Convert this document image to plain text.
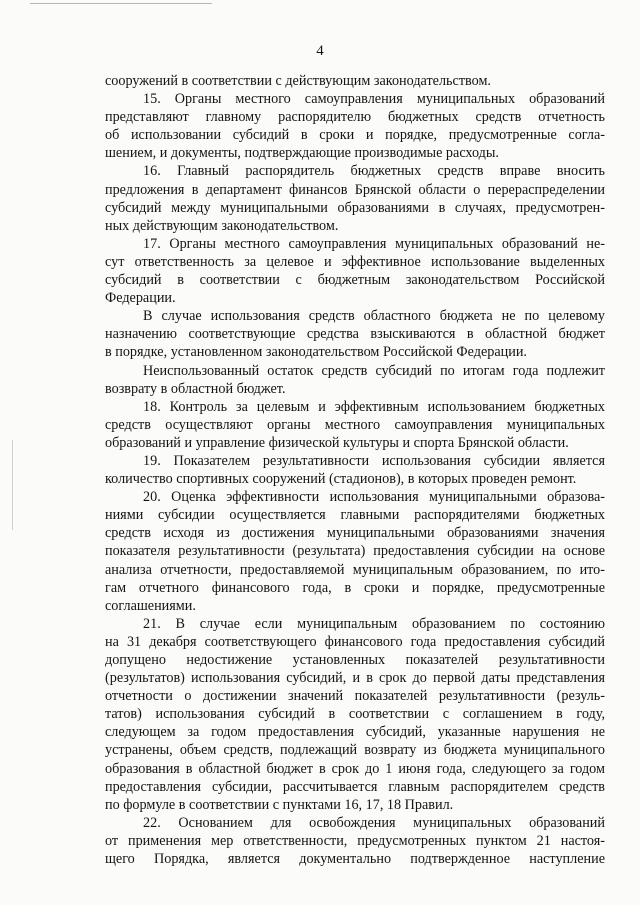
4
сооружений в соответствии с действующим законодательством.
15. Органы местного самоуправления муниципальных образований
представляют главному распорядителю бюджетных средств отчетность
об использовании субсидий в сроки и порядке, предусмотренные согла-
шением, и документы, подтверждающие производимые расходы.
16. Главный распорядитель бюджетных средств вправе вносить
предложения в департамент финансов Брянской области о перераспределении
субсидий между муниципальными образованиями в случаях, предусмотрен-
ных действующим законодательством.
17. Органы местного самоуправления муниципальных образований не-
сут ответственность за целевое и эффективное использование выделенных
субсидий в соответствии с бюджетным законодательством Российской
Федерации.
В случае использования средств областного бюджета не по целевому
назначению соответствующие средства взыскиваются в областной бюджет
в порядке, установленном законодательством Российской Федерации.
Неиспользованный остаток средств субсидий по итогам года подлежит
возврату в областной бюджет.
18. Контроль за целевым и эффективным использованием бюджетных
средств осуществляют органы местного самоуправления муниципальных
образований и управление физической культуры и спорта Брянской области.
19. Показателем результативности использования субсидии является
количество спортивных сооружений (стадионов), в которых проведен ремонт.
20. Оценка эффективности использования муниципальными образова-
ниями субсидии осуществляется главными распорядителями бюджетных
средств исходя из достижения муниципальными образованиями значения
показателя результативности (результата) предоставления субсидии на основе
анализа отчетности, предоставляемой муниципальным образованием, по ито-
гам отчетного финансового года, в сроки и порядке, предусмотренные
соглашениями.
21. В случае если муниципальным образованием по состоянию
на 31 декабря соответствующего финансового года предоставления субсидий
допущено недостижение установленных показателей результативности
(результатов) использования субсидий, и в срок до первой даты представления
отчетности о достижении значений показателей результативности (резуль-
татов) использования субсидий в соответствии с соглашением в году,
следующем за годом предоставления субсидий, указанные нарушения не
устранены, объем средств, подлежащий возврату из бюджета муниципального
образования в областной бюджет в срок до 1 июня года, следующего за годом
предоставления субсидии, рассчитывается главным распорядителем средств
по формуле в соответствии с пунктами 16, 17, 18 Правил.
22. Основанием для освобождения муниципальных образований
от применения мер ответственности, предусмотренных пунктом 21 настоя-
щего Порядка, является документально подтвержденное наступление
